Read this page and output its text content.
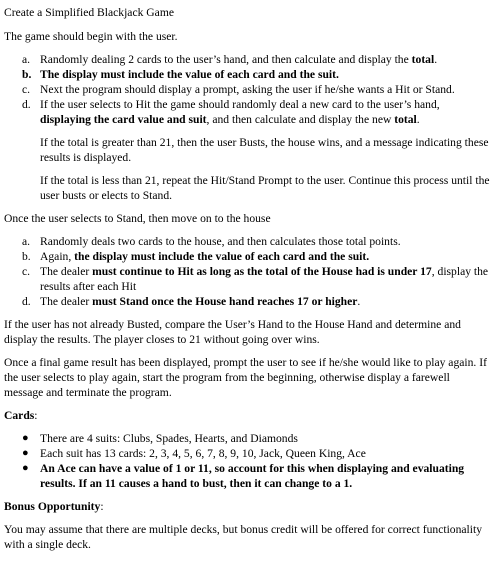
Create a Simplified Blackjack Game

The game should begin with the user.

a. Randomly dealing 2 cards to the user’s hand, and then calculate and display the total.
b. The display must include the value of each card and the suit.
c. Next the program should display a prompt, asking the user if he/she wants a Hit or Stand.
d. If the user selects to Hit the game should randomly deal a new card to the user’s hand, displaying the card value and suit, and then calculate and display the new total.
If the total is greater than 21, then the user Busts, the house wins, and a message indicating these results is displayed.
If the total is less than 21, repeat the Hit/Stand Prompt to the user. Continue this process until the user busts or elects to Stand.

Once the user selects to Stand, then move on to the house

a. Randomly deals two cards to the house, and then calculates those total points.
b. Again, the display must include the value of each card and the suit.
c. The dealer must continue to Hit as long as the total of the House had is under 17, display the results after each Hit
d. The dealer must Stand once the House hand reaches 17 or higher.

If the user has not already Busted, compare the User’s Hand to the House Hand and determine and display the results. The player closes to 21 without going over wins.

Once a final game result has been displayed, prompt the user to see if he/she would like to play again. If the user selects to play again, start the program from the beginning, otherwise display a farewell message and terminate the program.

Cards:

● There are 4 suits: Clubs, Spades, Hearts, and Diamonds
● Each suit has 13 cards: 2, 3, 4, 5, 6, 7, 8, 9, 10, Jack, Queen King, Ace
● An Ace can have a value of 1 or 11, so account for this when displaying and evaluating results. If an 11 causes a hand to bust, then it can change to a 1.

Bonus Opportunity:

You may assume that there are multiple decks, but bonus credit will be offered for correct functionality with a single deck.
